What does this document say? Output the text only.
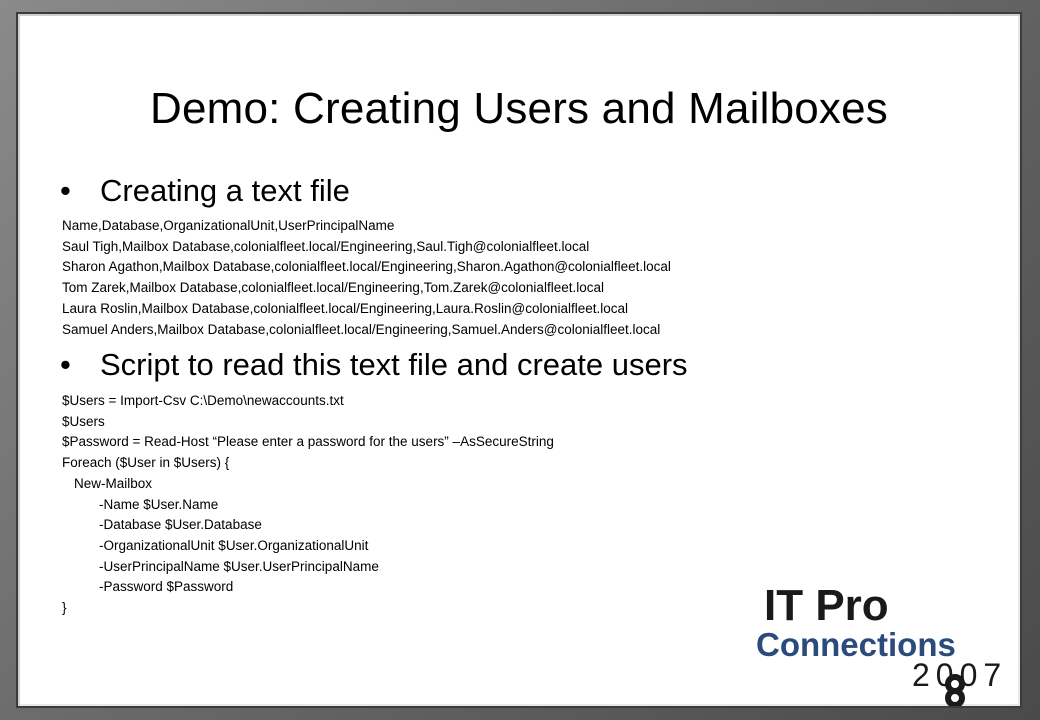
Demo: Creating Users and Mailboxes
• Creating a text file
Name,Database,OrganizationalUnit,UserPrincipalName
Saul Tigh,Mailbox Database,colonialfleet.local/Engineering,Saul.Tigh@colonialfleet.local
Sharon Agathon,Mailbox Database,colonialfleet.local/Engineering,Sharon.Agathon@colonialfleet.local
Tom Zarek,Mailbox Database,colonialfleet.local/Engineering,Tom.Zarek@colonialfleet.local
Laura Roslin,Mailbox Database,colonialfleet.local/Engineering,Laura.Roslin@colonialfleet.local
Samuel Anders,Mailbox Database,colonialfleet.local/Engineering,Samuel.Anders@colonialfleet.local
• Script to read this text file and create users
$Users = Import-Csv C:\Demo\newaccounts.txt
$Users
$Password = Read-Host “Please enter a password for the users” –AsSecureString
Foreach ($User in $Users) {
New-Mailbox
-Name $User.Name
-Database $User.Database
-OrganizationalUnit $User.OrganizationalUnit
-UserPrincipalName $User.UserPrincipalName
-Password $Password
}	IT Pro
Connections
2007
